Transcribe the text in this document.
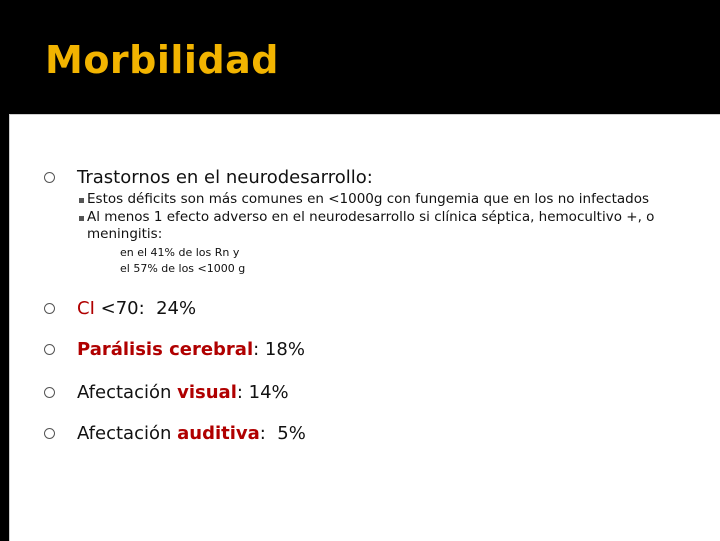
Morbilidad
Trastornos en el neurodesarrollo:
Estos déficits son más comunes en <1000g con fungemia que en los no infectados
Al menos 1 efecto adverso en el neurodesarrollo si clínica séptica, hemocultivo +, o
meningitis:
en el 41% de los Rn y
el 57% de los <1000 g
CI <70:  24%
Parálisis cerebral : 18%
Afectación visual : 14%
Afectación auditiva :  5%
